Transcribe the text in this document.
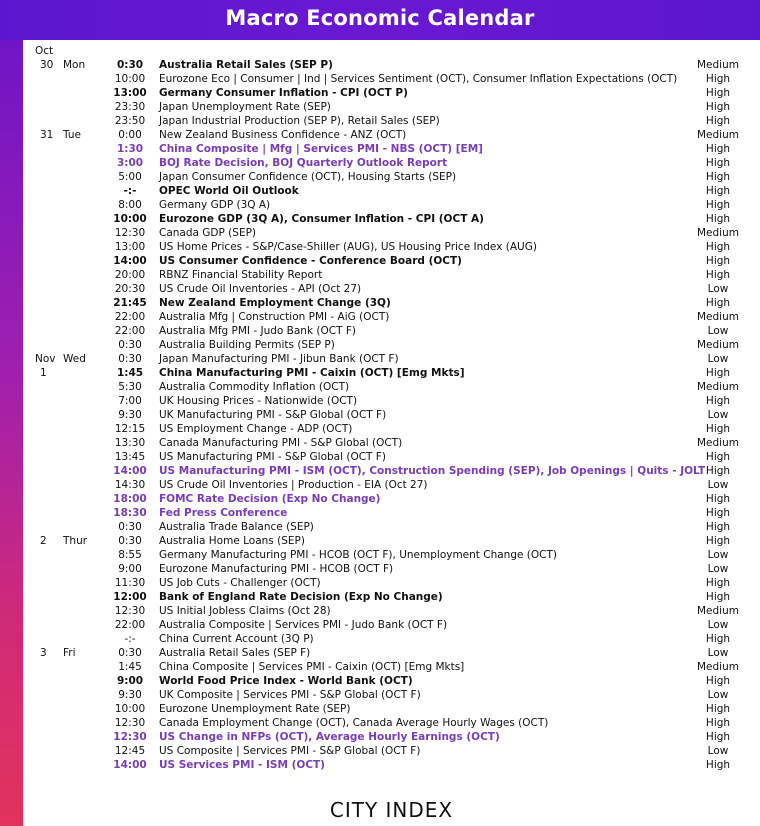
Macro Economic Calendar
Oct
30 Mon	0:30	Australia Retail Sales (SEP P)	Medium
10:00	Eurozone Eco | Consumer | Ind | Services Sentiment (OCT), Consumer Inflation Expectations (OCT)	High
13:00	Germany Consumer Inflation - CPI (OCT P)	High
23:30	Japan Unemployment Rate (SEP)	High
23:50	Japan Industrial Production (SEP P), Retail Sales (SEP)	High
31 Tue	0:00	New Zealand Business Confidence - ANZ (OCT)	Medium
1:30	China Composite | Mfg | Services PMI - NBS (OCT) [EM]	High
3:00	BOJ Rate Decision, BOJ Quarterly Outlook Report	High
5:00	Japan Consumer Confidence (OCT), Housing Starts (SEP)	High
-:-	OPEC World Oil Outlook	High
8:00	Germany GDP (3Q A)	High
10:00	Eurozone GDP (3Q A), Consumer Inflation - CPI (OCT A)	High
12:30	Canada GDP (SEP)	Medium
13:00	US Home Prices - S&P/Case-Shiller (AUG), US Housing Price Index (AUG)	High
14:00	US Consumer Confidence - Conference Board (OCT)	High
20:00	RBNZ Financial Stability Report	High
20:30	US Crude Oil Inventories - API (Oct 27)	Low
21:45	New Zealand Employment Change (3Q)	High
22:00	Australia Mfg | Construction PMI - AiG (OCT)	Medium
22:00	Australia Mfg PMI - Judo Bank (OCT F)	Low
0:30	Australia Building Permits (SEP P)	Medium
Nov Wed	0:30	Japan Manufacturing PMI - Jibun Bank (OCT F)	Low
1	1:45	China Manufacturing PMI - Caixin (OCT) [Emg Mkts]	High
5:30	Australia Commodity Inflation (OCT)	Medium
7:00	UK Housing Prices - Nationwide (OCT)	High
9:30	UK Manufacturing PMI - S&P Global (OCT F)	Low
12:15	US Employment Change - ADP (OCT)	High
13:30	Canada Manufacturing PMI - S&P Global (OCT)	Medium
13:45	US Manufacturing PMI - S&P Global (OCT F)	High
14:00	US Manufacturing PMI - ISM (OCT), Construction Spending (SEP), Job Openings | Quits - JOLT High
14:30	US Crude Oil Inventories | Production - EIA (Oct 27)	Low
18:00	FOMC Rate Decision (Exp No Change)	High
18:30	Fed Press Conference	High
0:30	Australia Trade Balance (SEP)	High
2 Thur	0:30	Australia Home Loans (SEP)	High
8:55	Germany Manufacturing PMI - HCOB (OCT F), Unemployment Change (OCT)	Low
9:00	Eurozone Manufacturing PMI - HCOB (OCT F)	Low
11:30	US Job Cuts - Challenger (OCT)	High
12:00	Bank of England Rate Decision (Exp No Change)	High
12:30	US Initial Jobless Claims (Oct 28)	Medium
22:00	Australia Composite | Services PMI - Judo Bank (OCT F)	Low
-:-	China Current Account (3Q P)	High
3 Fri	0:30	Australia Retail Sales (SEP F)	Low
1:45	China Composite | Services PMI - Caixin (OCT) [Emg Mkts]	Medium
9:00	World Food Price Index - World Bank (OCT)	High
9:30	UK Composite | Services PMI - S&P Global (OCT F)	Low
10:00	Eurozone Unemployment Rate (SEP)	High
12:30	Canada Employment Change (OCT), Canada Average Hourly Wages (OCT)	High
12:30	US Change in NFPs (OCT), Average Hourly Earnings (OCT)	High
12:45	US Composite | Services PMI - S&P Global (OCT F)	Low
14:00	US Services PMI - ISM (OCT)	High
CITY INDEX
